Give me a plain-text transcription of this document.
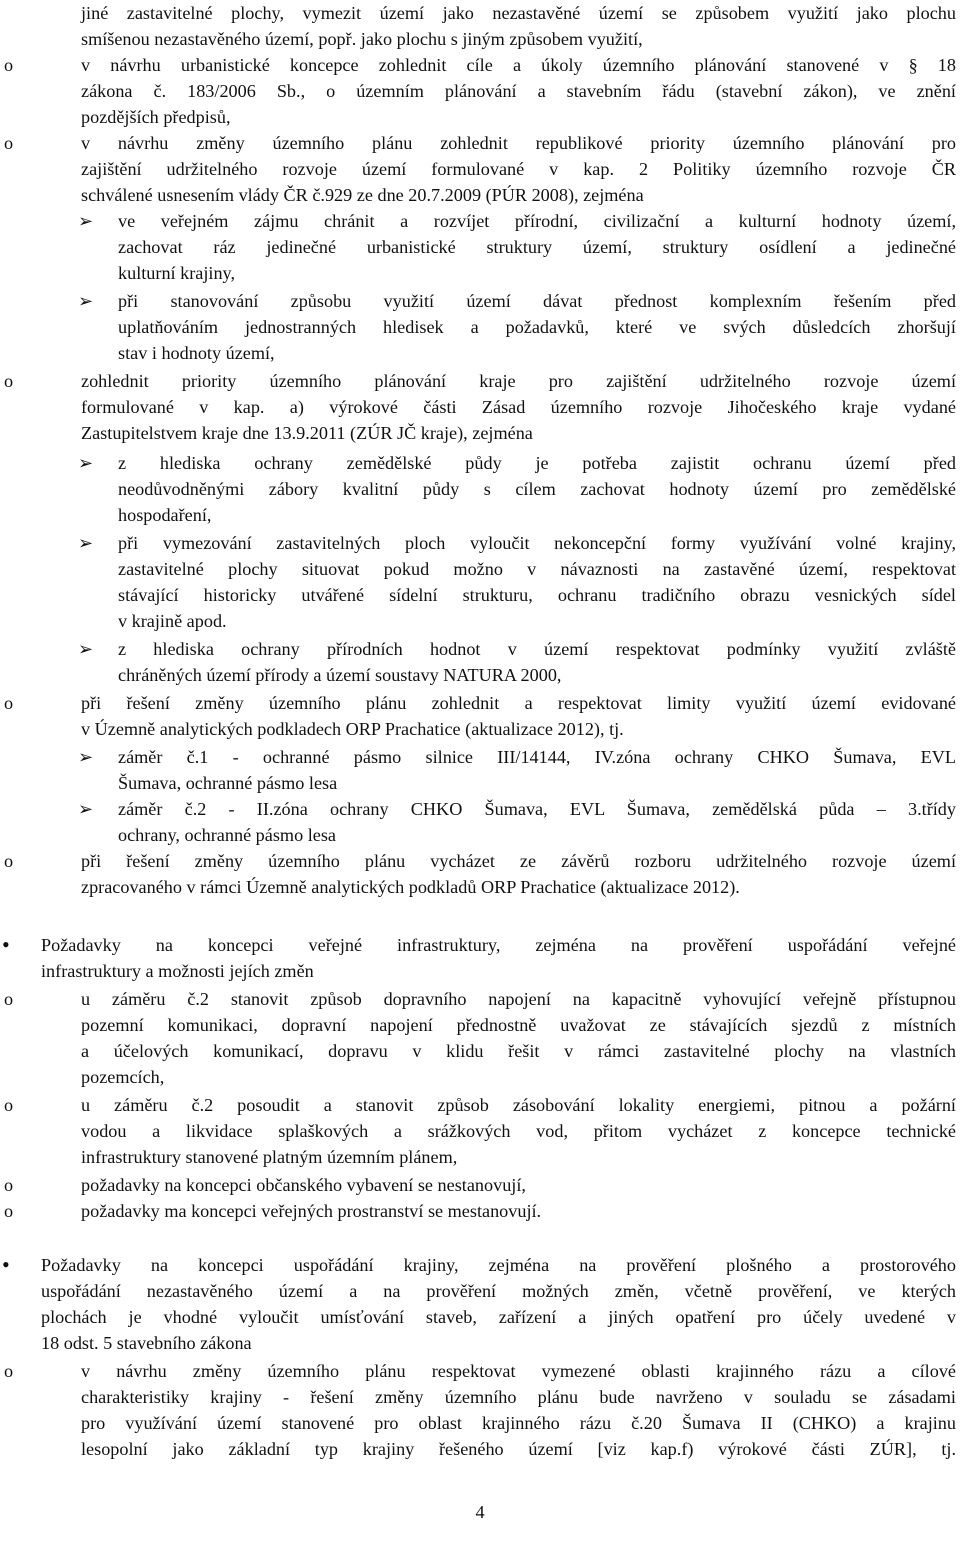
jiné zastavitelné plochy, vymezit území jako nezastavěné území se způsobem využití jako plochu
smíšenou nezastavěného území, popř. jako plochu s jiným způsobem využití,
o	v návrhu urbanistické koncepce zohlednit cíle a úkoly územního plánování stanovené v § 18
zákona č. 183/2006 Sb., o územním plánování a stavebním řádu (stavební zákon), ve znění
pozdějších předpisů,
o	v návrhu změny územního plánu zohlednit republikové priority územního plánování pro
zajištění udržitelného rozvoje území formulované v kap. 2 Politiky územního rozvoje ČR
schválené usnesením vlády ČR č.929 ze dne 20.7.2009 (PÚR 2008), zejména
➢	ve veřejném zájmu chránit a rozvíjet přírodní, civilizační a kulturní hodnoty území,
zachovat ráz jedinečné urbanistické struktury území, struktury osídlení a jedinečné
kulturní krajiny,
➢	při stanovování způsobu využití území dávat přednost komplexním řešením před
uplatňováním jednostranných hledisek a požadavků, které ve svých důsledcích zhoršují
stav i hodnoty území,
o	zohlednit priority územního plánování kraje pro zajištění udržitelného rozvoje území
formulované v kap. a) výrokové části Zásad územního rozvoje Jihočeského kraje vydané
Zastupitelstvem kraje dne 13.9.2011 (ZÚR JČ kraje), zejména
➢	z hlediska ochrany zemědělské půdy je potřeba zajistit ochranu území před
neodůvodněnými zábory kvalitní půdy s cílem zachovat hodnoty území pro zemědělské
hospodaření,
➢	při vymezování zastavitelných ploch vyloučit nekoncepční formy využívání volné krajiny,
zastavitelné plochy situovat pokud možno v návaznosti na zastavěné území, respektovat
stávající historicky utvářené sídelní strukturu, ochranu tradičního obrazu vesnických sídel
v krajině apod.
➢	z hlediska ochrany přírodních hodnot v území respektovat podmínky využití zvláště
chráněných území přírody a území soustavy NATURA 2000,
o	při řešení změny územního plánu zohlednit a respektovat limity využití území evidované
v Územně analytických podkladech ORP Prachatice (aktualizace 2012), tj.
➢	záměr č.1 - ochranné pásmo silnice III/14144, IV.zóna ochrany CHKO Šumava, EVL
Šumava, ochranné pásmo lesa
➢	záměr č.2 - II.zóna ochrany CHKO Šumava, EVL Šumava, zemědělská půda – 3.třídy
ochrany, ochranné pásmo lesa
o	při řešení změny územního plánu vycházet ze závěrů rozboru udržitelného rozvoje území
zpracovaného v rámci Územně analytických podkladů ORP Prachatice (aktualizace 2012).
•	Požadavky na koncepci veřejné infrastruktury, zejména na prověření uspořádání veřejné
infrastruktury a možnosti jejích změn
o	u záměru č.2 stanovit způsob dopravního napojení na kapacitně vyhovující veřejně přístupnou
pozemní komunikaci, dopravní napojení přednostně uvažovat ze stávajících sjezdů z místních
a účelových komunikací, dopravu v klidu řešit v rámci zastavitelné plochy na vlastních
pozemcích,
o	u záměru č.2 posoudit a stanovit způsob zásobování lokality energiemi, pitnou a požární
vodou a likvidace splaškových a srážkových vod, přitom vycházet z koncepce technické
infrastruktury stanovené platným územním plánem,
o	požadavky na koncepci občanského vybavení se nestanovují,
o	požadavky ma koncepci veřejných prostranství se mestanovují.
•	Požadavky na koncepci uspořádání krajiny, zejména na prověření plošného a prostorového
uspořádání nezastavěného území a na prověření možných změn, včetně prověření, ve kterých
plochách je vhodné vyloučit umísťování staveb, zařízení a jiných opatření pro účely uvedené v
18 odst. 5 stavebního zákona
o	v návrhu změny územního plánu respektovat vymezené oblasti krajinného rázu a cílové
charakteristiky krajiny - řešení změny územního plánu bude navrženo v souladu se zásadami
pro využívání území stanovené pro oblast krajinného rázu č.20 Šumava II (CHKO) a krajinu
lesopolní jako základní typ krajiny řešeného území [viz kap.f) výrokové části ZÚR], tj.
4
